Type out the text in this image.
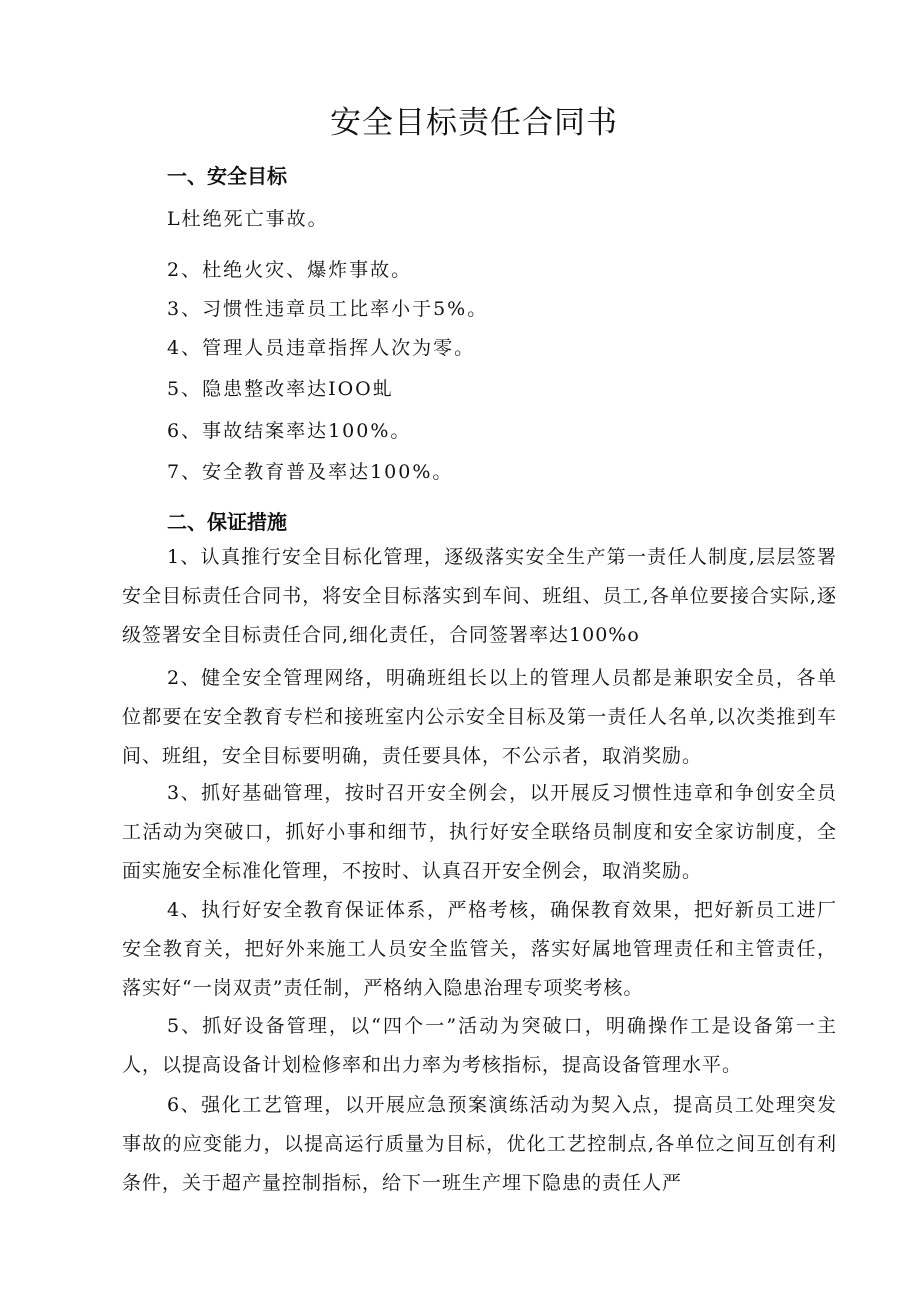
安全目标责任合同书
一、安全目标

L杜绝死亡事故。

2、杜绝火灾、爆炸事故。

3、习惯性违章员工比率小于5%。

4、管理人员违章指挥人次为零。

5、隐患整改率达IOO虬

6、事故结案率达100%。

7、安全教育普及率达100%。

二、保证措施

1、认真推行安全目标化管理，逐级落实安全生产第一责任人制度,层层签署安全目标责任合同书，将安全目标落实到车间、班组、员工,各单位要接合实际,逐级签署安全目标责任合同,细化责任，合同签署率达100%o

2、健全安全管理网络，明确班组长以上的管理人员都是兼职安全员，各单位都要在安全教育专栏和接班室内公示安全目标及第一责任人名单,以次类推到车间、班组，安全目标要明确，责任要具体，不公示者，取消奖励。

3、抓好基础管理，按时召开安全例会，以开展反习惯性违章和争创安全员工活动为突破口，抓好小事和细节，执行好安全联络员制度和安全家访制度，全面实施安全标准化管理，不按时、认真召开安全例会，取消奖励。

4、执行好安全教育保证体系，严格考核，确保教育效果，把好新员工进厂安全教育关，把好外来施工人员安全监管关，落实好属地管理责任和主管责任，落实好“一岗双责”责任制，严格纳入隐患治理专项奖考核。

5、抓好设备管理，以“四个一”活动为突破口，明确操作工是设备第一主人，以提高设备计划检修率和出力率为考核指标，提高设备管理水平。

6、强化工艺管理，以开展应急预案演练活动为契入点，提高员工处理突发事故的应变能力，以提高运行质量为目标，优化工艺控制点,各单位之间互创有利条件，关于超产量控制指标，给下一班生产埋下隐患的责任人严
